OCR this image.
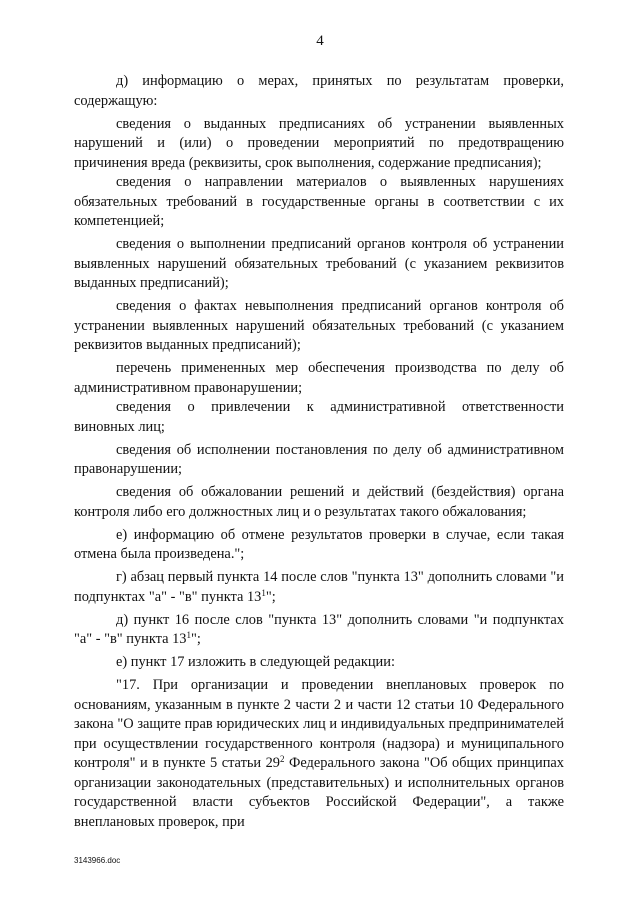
4

д) информацию о мерах, принятых по результатам проверки, содержащую:

сведения о выданных предписаниях об устранении выявленных нарушений и (или) о проведении мероприятий по предотвращению причинения вреда (реквизиты, срок выполнения, содержание предписания);

сведения о направлении материалов о выявленных нарушениях обязательных требований в государственные органы в соответствии с их компетенцией;

сведения о выполнении предписаний органов контроля об устранении выявленных нарушений обязательных требований (с указанием реквизитов выданных предписаний);

сведения о фактах невыполнения предписаний органов контроля об устранении выявленных нарушений обязательных требований (с указанием реквизитов выданных предписаний);

перечень примененных мер обеспечения производства по делу об административном правонарушении;

сведения о привлечении к административной ответственности виновных лиц;

сведения об исполнении постановления по делу об административном правонарушении;

сведения об обжаловании решений и действий (бездействия) органа контроля либо его должностных лиц и о результатах такого обжалования;

е) информацию об отмене результатов проверки в случае, если такая отмена была произведена.";

г) абзац первый пункта 14 после слов "пункта 13" дополнить словами "и подпунктах "а" - "в" пункта $13^1$";

д) пункт 16 после слов "пункта 13" дополнить словами "и подпунктах "а" - "в" пункта $13^1$";

е) пункт 17 изложить в следующей редакции:

"17. При организации и проведении внеплановых проверок по основаниям, указанным в пункте 2 части 2 и части 12 статьи 10 Федерального закона "О защите прав юридических лиц и индивидуальных предпринимателей при осуществлении государственного контроля (надзора) и муниципального контроля" и в пункте 5 статьи $29^2$ Федерального закона "Об общих принципах организации законодательных (представительных) и исполнительных органов государственной власти субъектов Российской Федерации", а также внеплановых проверок, при

3143966.doc
